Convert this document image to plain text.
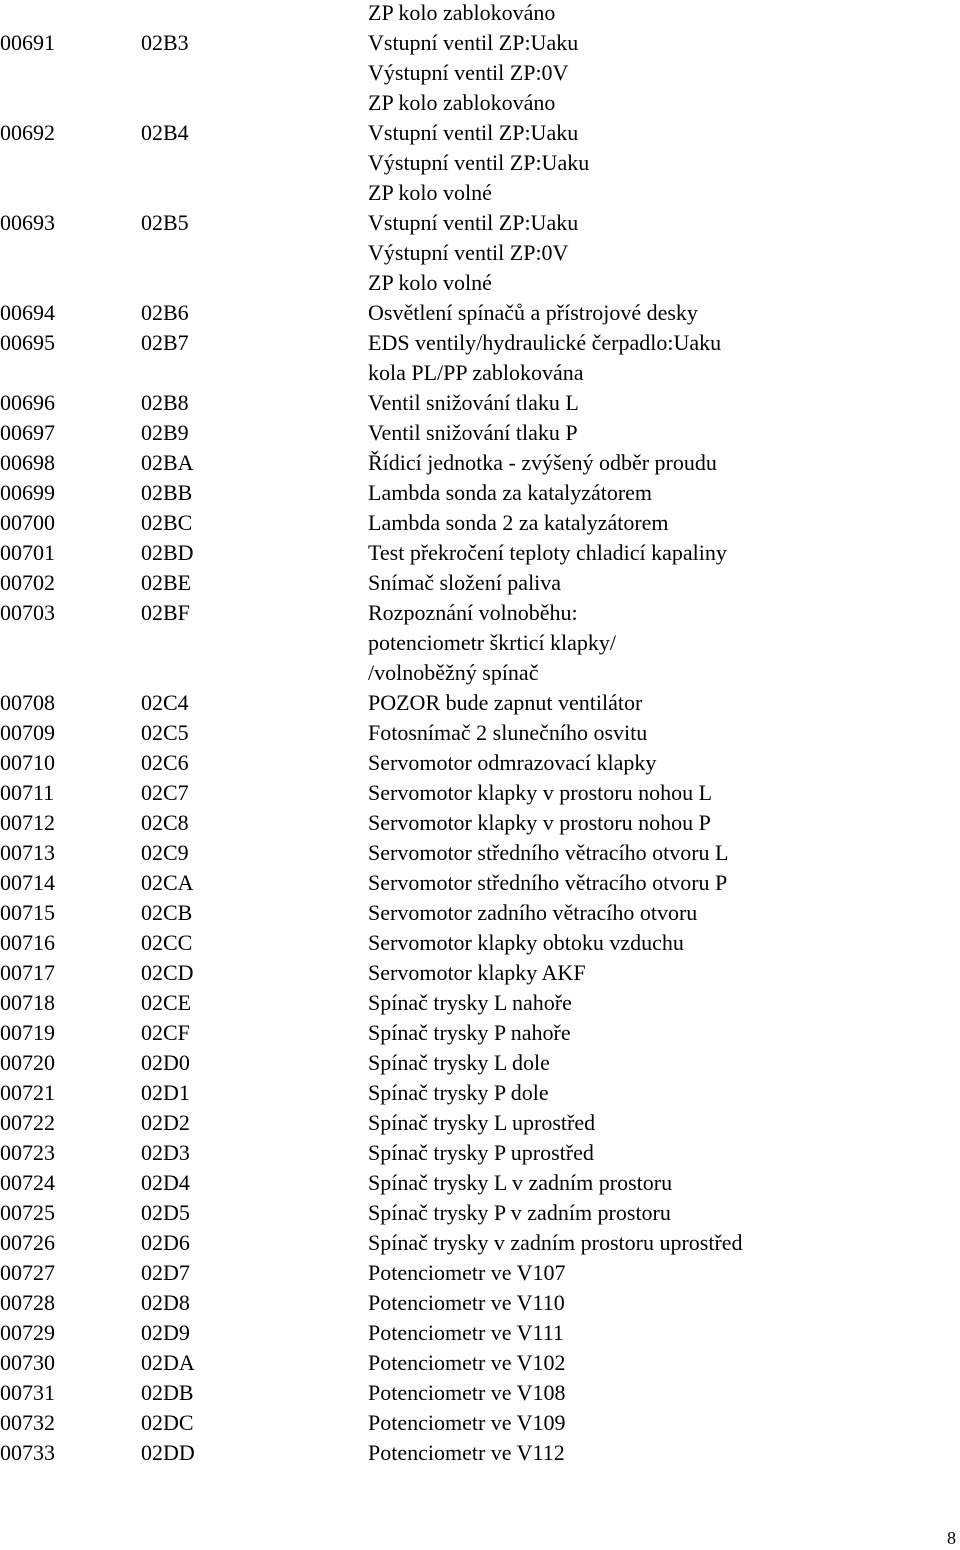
ZP kolo zablokováno
00691	02B3	Vstupní ventil ZP:Uaku
Výstupní ventil ZP:0V
ZP kolo zablokováno
00692	02B4	Vstupní ventil ZP:Uaku
Výstupní ventil ZP:Uaku
ZP kolo volné
00693	02B5	Vstupní ventil ZP:Uaku
Výstupní ventil ZP:0V
ZP kolo volné
00694	02B6	Osvětlení spínačů a přístrojové desky
00695	02B7	EDS ventily/hydraulické čerpadlo:Uaku
kola PL/PP zablokována
00696	02B8	Ventil snižování tlaku L
00697	02B9	Ventil snižování tlaku P
00698	02BA	Řídicí jednotka - zvýšený odběr proudu
00699	02BB	Lambda sonda za katalyzátorem
00700	02BC	Lambda sonda 2 za katalyzátorem
00701	02BD	Test překročení teploty chladicí kapaliny
00702	02BE	Snímač složení paliva
00703	02BF	Rozpoznání volnoběhu:
potenciometr škrticí klapky/
/volnoběžný spínač
00708	02C4	POZOR bude zapnut ventilátor
00709	02C5	Fotosnímač 2 slunečního osvitu
00710	02C6	Servomotor odmrazovací klapky
00711	02C7	Servomotor klapky v prostoru nohou L
00712	02C8	Servomotor klapky v prostoru nohou P
00713	02C9	Servomotor středního větracího otvoru L
00714	02CA	Servomotor středního větracího otvoru P
00715	02CB	Servomotor zadního větracího otvoru
00716	02CC	Servomotor klapky obtoku vzduchu
00717	02CD	Servomotor klapky AKF
00718	02CE	Spínač trysky L nahoře
00719	02CF	Spínač trysky P nahoře
00720	02D0	Spínač trysky L dole
00721	02D1	Spínač trysky P dole
00722	02D2	Spínač trysky L uprostřed
00723	02D3	Spínač trysky P uprostřed
00724	02D4	Spínač trysky L v zadním prostoru
00725	02D5	Spínač trysky P v zadním prostoru
00726	02D6	Spínač trysky v zadním prostoru uprostřed
00727	02D7	Potenciometr ve V107
00728	02D8	Potenciometr ve V110
00729	02D9	Potenciometr ve V111
00730	02DA	Potenciometr ve V102
00731	02DB	Potenciometr ve V108
00732	02DC	Potenciometr ve V109
00733	02DD	Potenciometr ve V112
8
